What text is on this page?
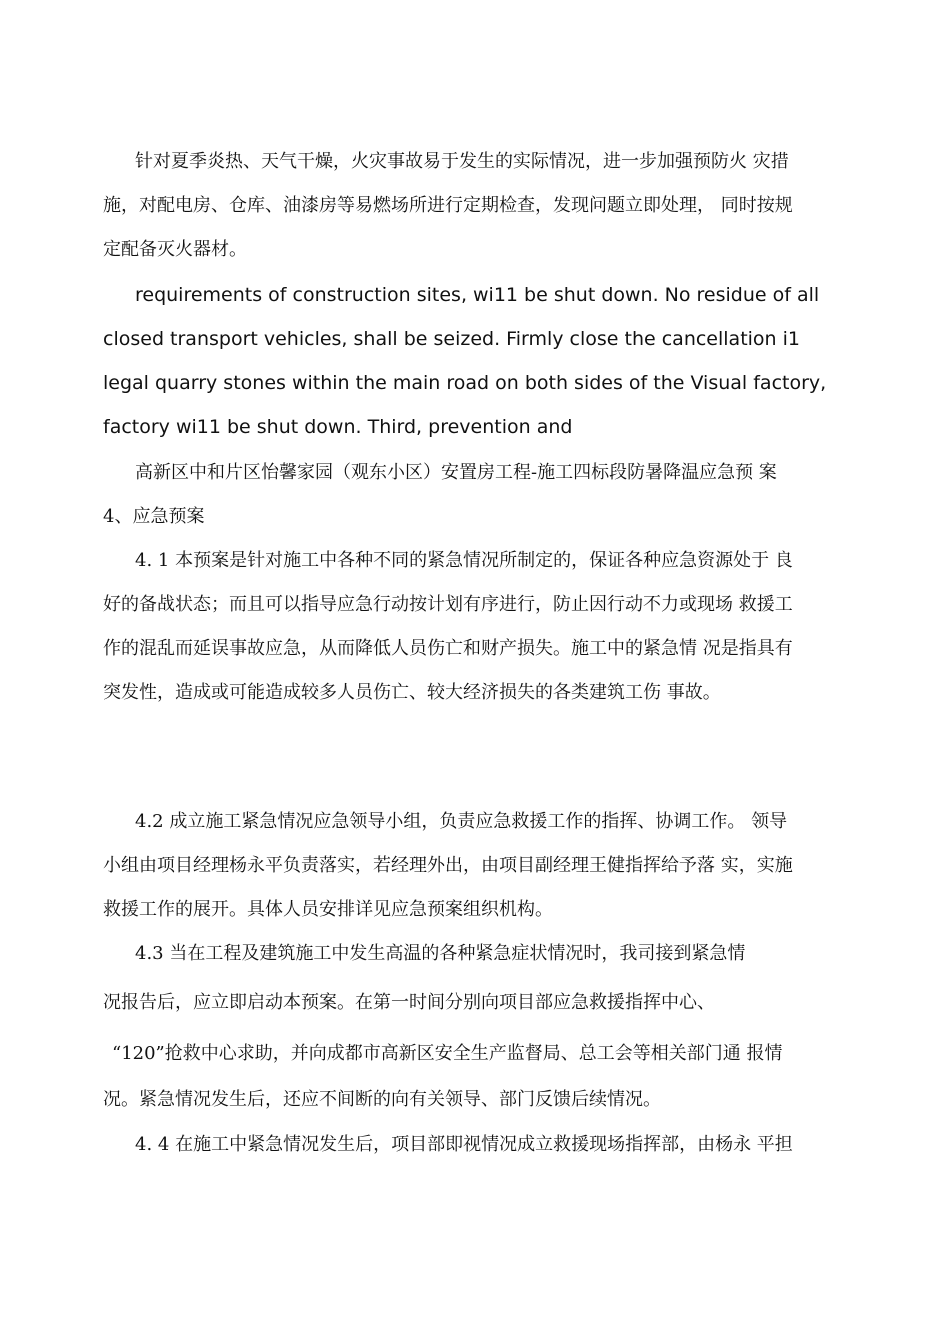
针对夏季炎热、天气干燥，火灾事故易于发生的实际情况，进一步加强预防火 灾措
施，对配电房、仓库、油漆房等易燃场所进行定期检查，发现问题立即处理， 同时按规
定配备灭火器材。
requirements of construction sites, wi11 be shut down. No residue of all
closed transport vehicles, shall be seized. Firmly close the cancellation i1
legal quarry stones within the main road on both sides of the Visual factory,
factory wi11 be shut down. Third, prevention and
高新区中和片区怡馨家园（观东小区）安置房工程-施工四标段防暑降温应急预 案
4、应急预案
4. 1 本预案是针对施工中各种不同的紧急情况所制定的，保证各种应急资源处于 良
好的备战状态；而且可以指导应急行动按计划有序进行，防止因行动不力或现场 救援工
作的混乱而延误事故应急，从而降低人员伤亡和财产损失。施工中的紧急情 况是指具有
突发性，造成或可能造成较多人员伤亡、较大经济损失的各类建筑工伤 事故。
4.2 成立施工紧急情况应急领导小组，负责应急救援工作的指挥、协调工作。 领导
小组由项目经理杨永平负责落实，若经理外出，由项目副经理王健指挥给予落 实，实施
救援工作的展开。具体人员安排详见应急预案组织机构。
4.3 当在工程及建筑施工中发生高温的各种紧急症状情况时，我司接到紧急情
况报告后，应立即启动本预案。在第一时间分别向项目部应急救援指挥中心、
“120”抢救中心求助，并向成都市高新区安全生产监督局、总工会等相关部门通 报情
况。紧急情况发生后，还应不间断的向有关领导、部门反馈后续情况。
4. 4 在施工中紧急情况发生后，项目部即视情况成立救援现场指挥部，由杨永 平担
